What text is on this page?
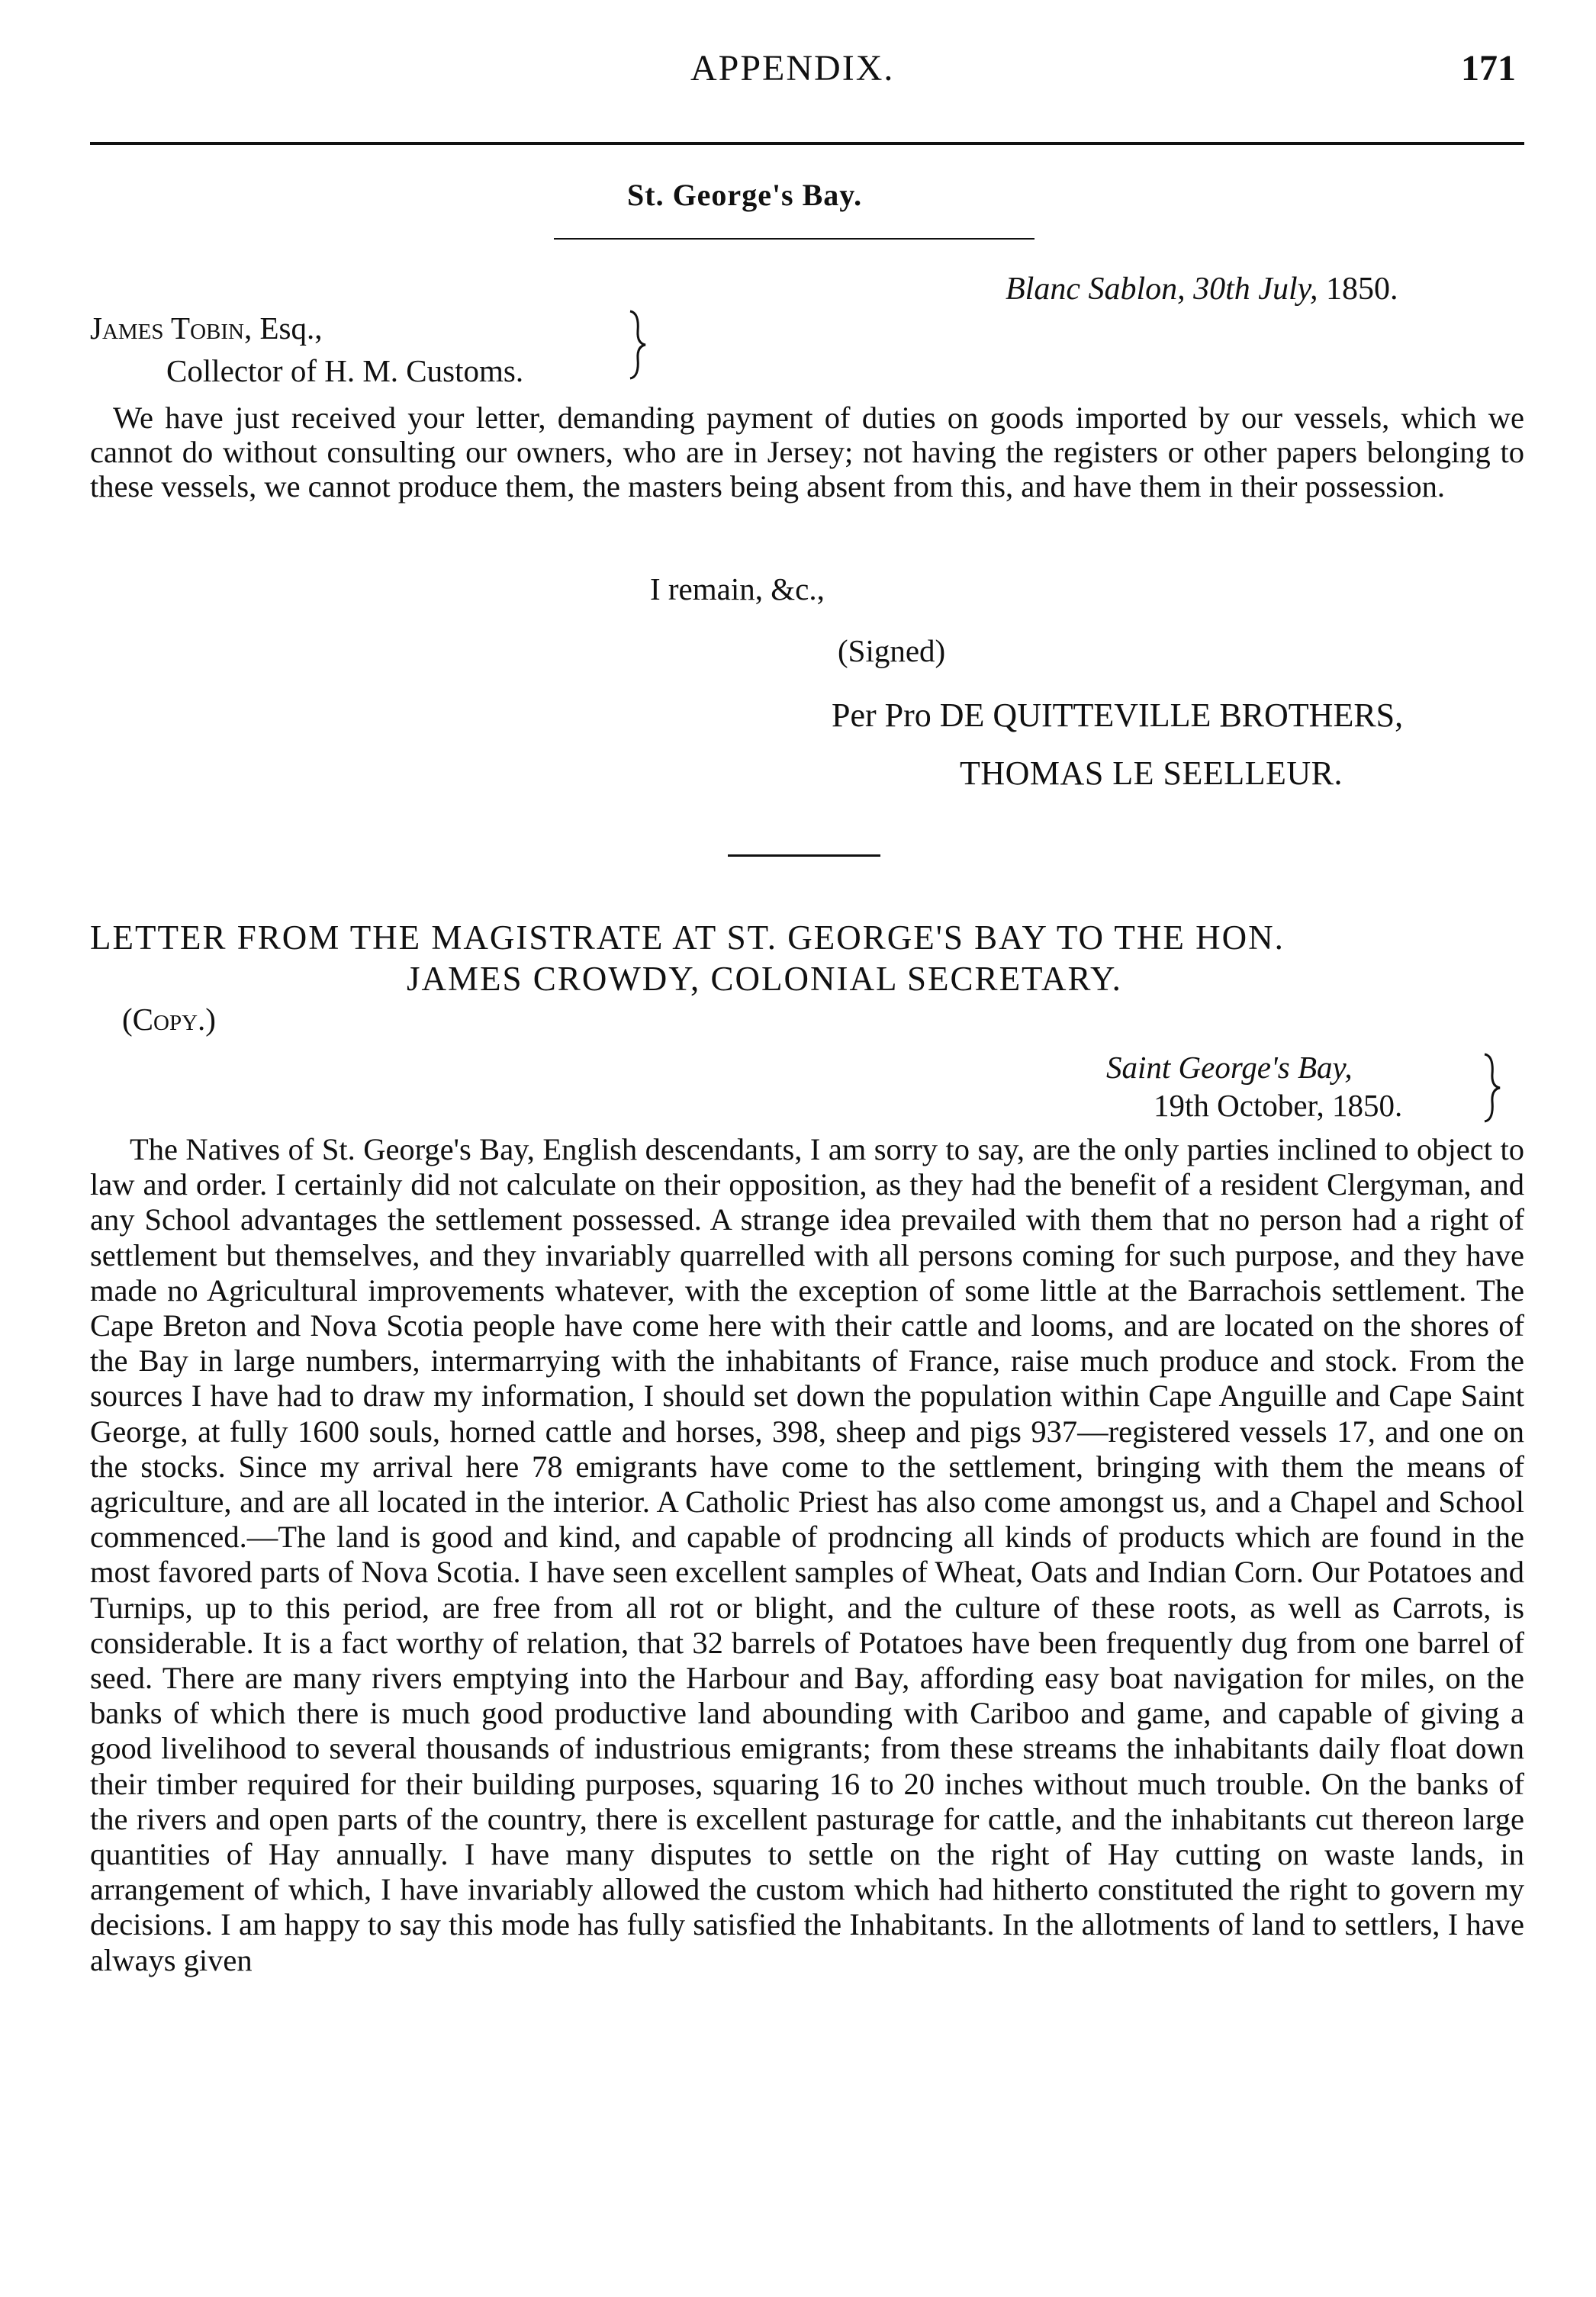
APPENDIX.	171
St. George's Bay.
Blanc Sablon, 30th July, 1850.
James Tobin, Esq.,
Collector of H. M. Customs.
We have just received your letter, demanding payment of duties on goods imported by our vessels, which we cannot do without consulting our owners, who are in Jersey; not having the registers or other papers belonging to these vessels, we cannot produce them, the masters being absent from this, and have them in their possession.
I remain, &c.,
(Signed)
Per Pro DE QUITTEVILLE BROTHERS,
THOMAS LE SEELLEUR.
LETTER FROM THE MAGISTRATE AT ST. GEORGE'S BAY TO THE HON.
JAMES CROWDY, COLONIAL SECRETARY.
(Copy.)
Saint George's Bay,
19th October, 1850.
The Natives of St. George's Bay, English descendants, I am sorry to say, are the only parties inclined to object to law and order. I certainly did not calculate on their opposition, as they had the benefit of a resident Clergyman, and any School advantages the settlement possessed. A strange idea prevailed with them that no person had a right of settlement but themselves, and they invariably quarrelled with all persons coming for such purpose, and they have made no Agricultural improvements whatever, with the exception of some little at the Barrachois settlement. The Cape Breton and Nova Scotia people have come here with their cattle and looms, and are located on the shores of the Bay in large numbers, intermarrying with the inhabitants of France, raise much produce and stock. From the sources I have had to draw my information, I should set down the population within Cape Anguille and Cape Saint George, at fully 1600 souls, horned cattle and horses, 398, sheep and pigs 937—registered vessels 17, and one on the stocks. Since my arrival here 78 emigrants have come to the settlement, bringing with them the means of agriculture, and are all located in the interior. A Catholic Priest has also come amongst us, and a Chapel and School commenced.—The land is good and kind, and capable of prodncing all kinds of products which are found in the most favored parts of Nova Scotia. I have seen excellent samples of Wheat, Oats and Indian Corn. Our Potatoes and Turnips, up to this period, are free from all rot or blight, and the culture of these roots, as well as Carrots, is considerable. It is a fact worthy of relation, that 32 barrels of Potatoes have been frequently dug from one barrel of seed. There are many rivers emptying into the Harbour and Bay, affording easy boat navigation for miles, on the banks of which there is much good productive land abounding with Cariboo and game, and capable of giving a good livelihood to several thousands of industrious emigrants; from these streams the inhabitants daily float down their timber required for their building purposes, squaring 16 to 20 inches without much trouble. On the banks of the rivers and open parts of the country, there is excellent pasturage for cattle, and the inhabitants cut thereon large quantities of Hay annually. I have many disputes to settle on the right of Hay cutting on waste lands, in arrangement of which, I have invariably allowed the custom which had hitherto constituted the right to govern my decisions. I am happy to say this mode has fully satisfied the Inhabitants. In the allotments of land to settlers, I have always given
